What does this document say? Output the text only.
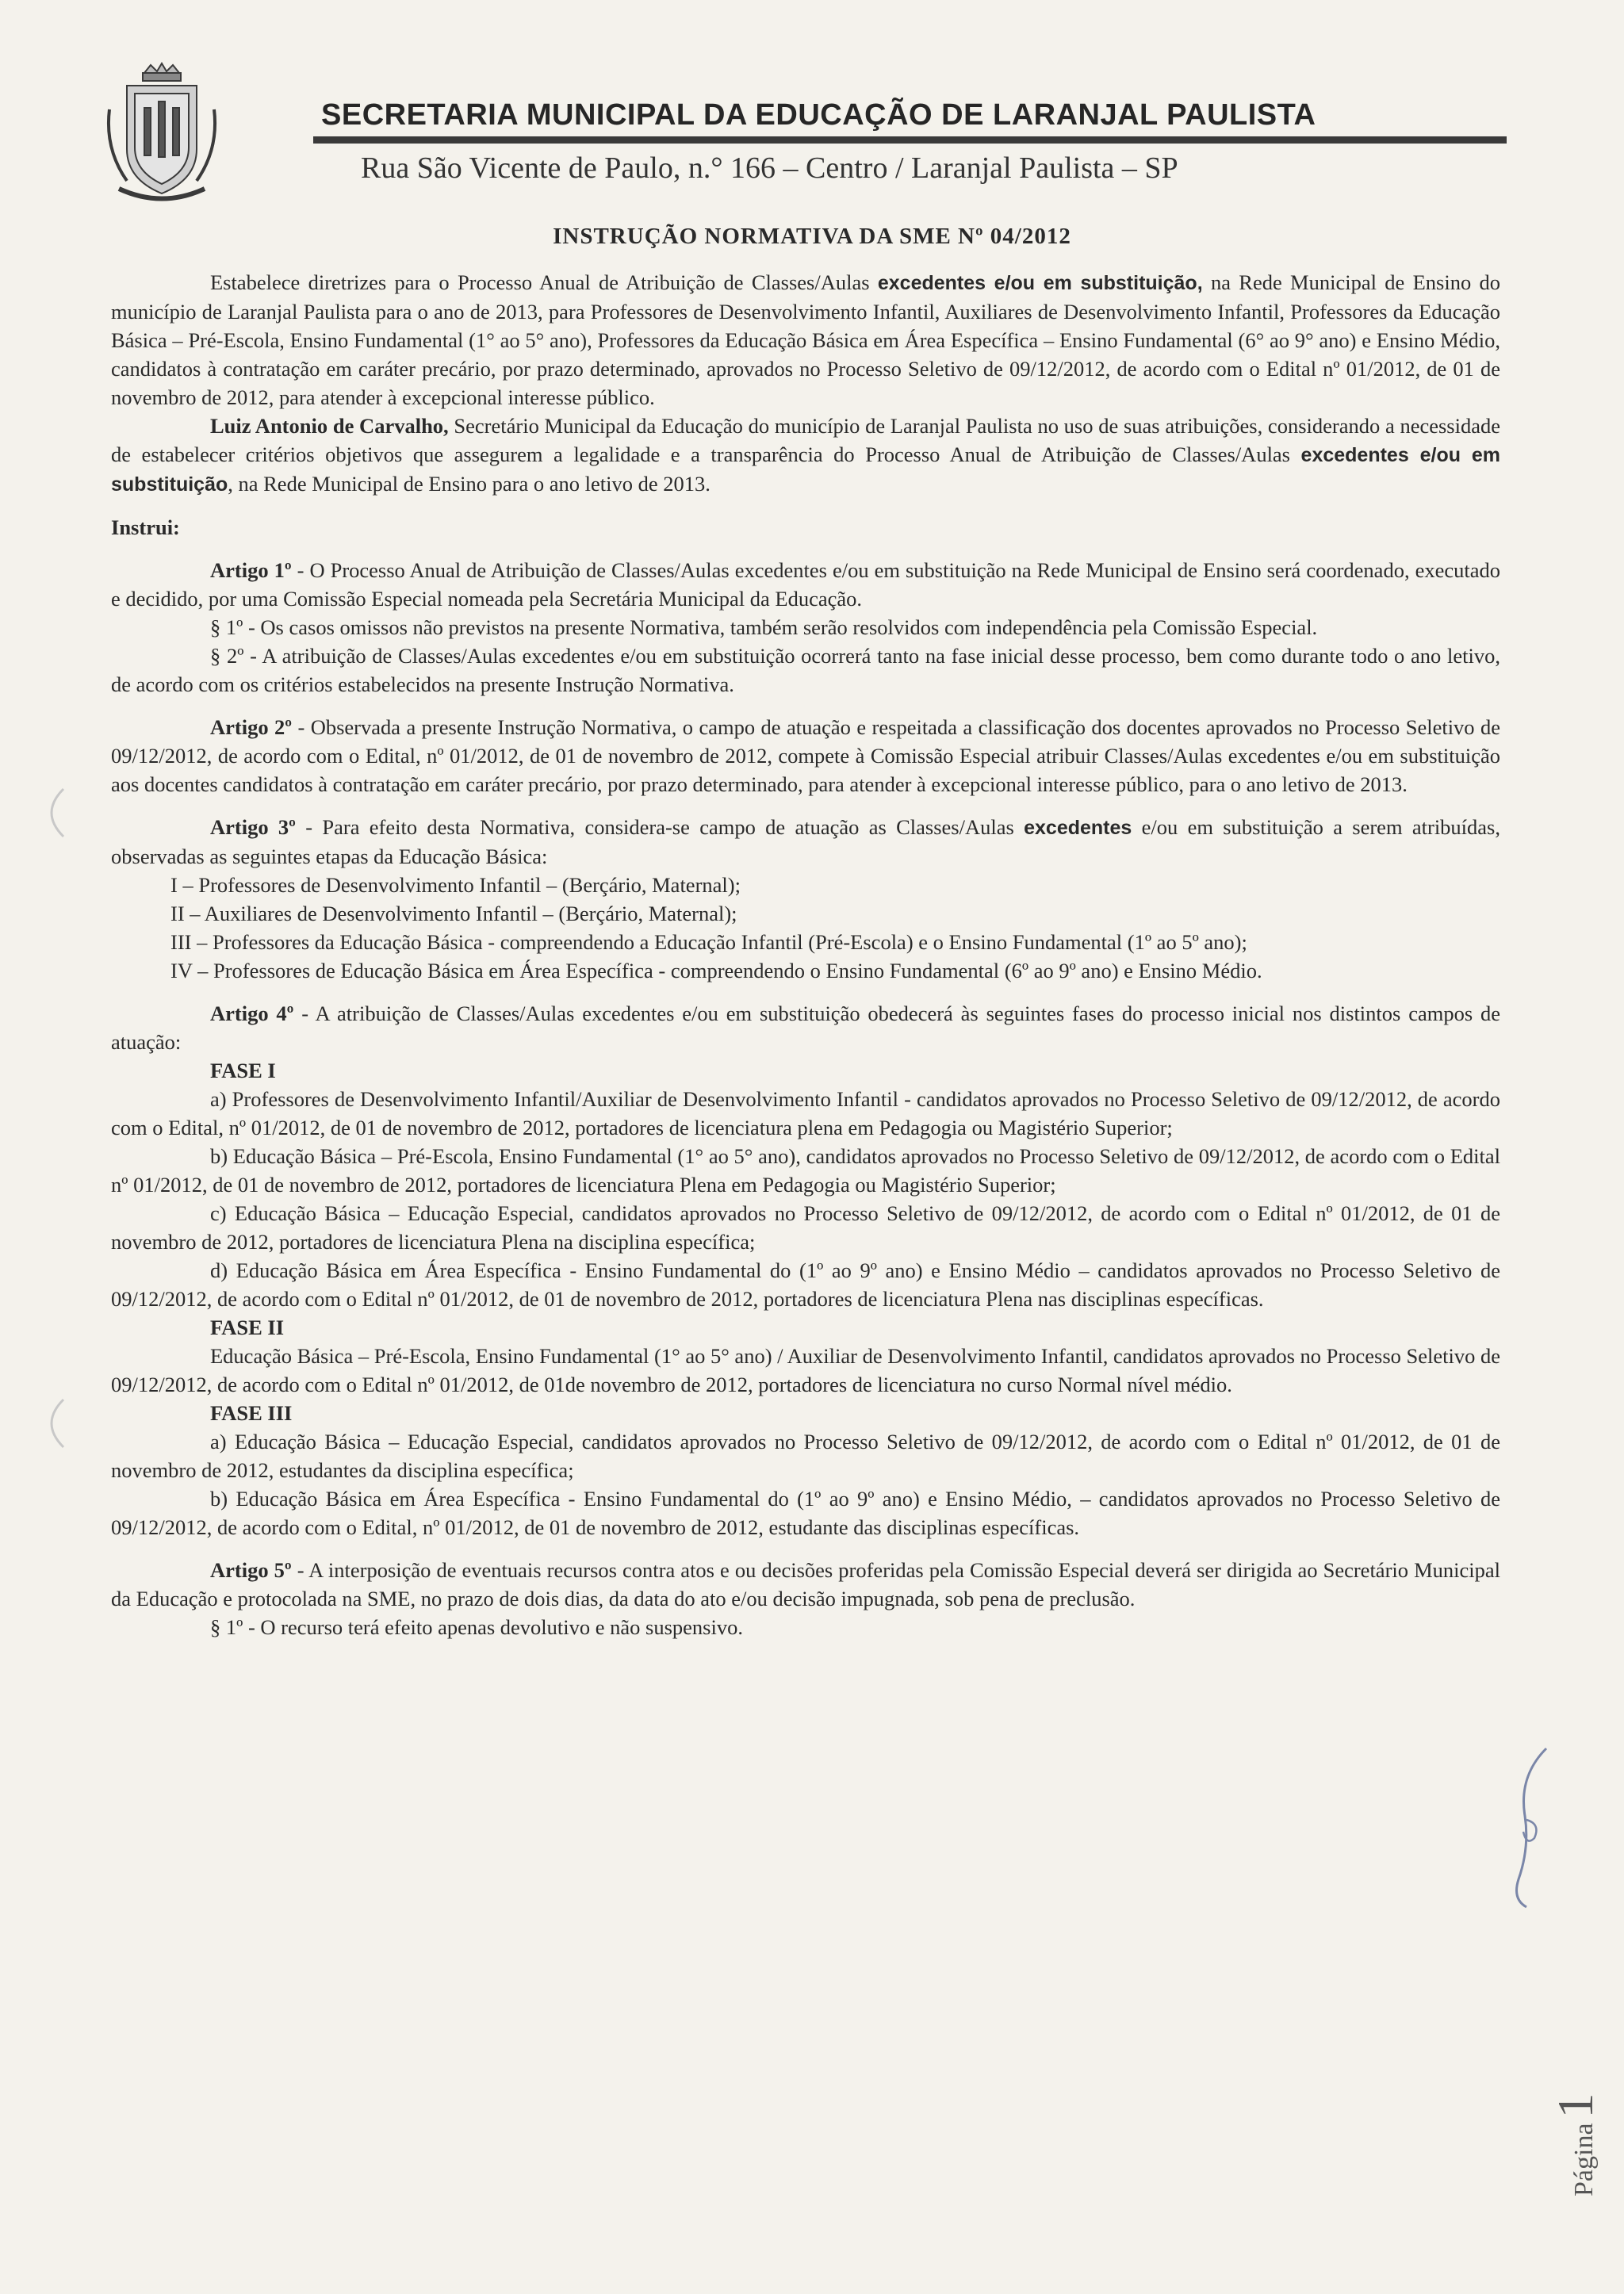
SECRETARIA MUNICIPAL DA EDUCAÇÃO DE LARANJAL PAULISTA
Rua São Vicente de Paulo, n.° 166 – Centro / Laranjal Paulista – SP
INSTRUÇÃO NORMATIVA DA SME Nº 04/2012

Estabelece diretrizes para o Processo Anual de Atribuição de Classes/Aulas excedentes e/ou em substituição, na Rede Municipal de Ensino do município de Laranjal Paulista para o ano de 2013, para Professores de Desenvolvimento Infantil, Auxiliares de Desenvolvimento Infantil, Professores da Educação Básica – Pré-Escola, Ensino Fundamental (1° ao 5° ano), Professores da Educação Básica em Área Específica – Ensino Fundamental (6° ao 9° ano) e Ensino Médio, candidatos à contratação em caráter precário, por prazo determinado, aprovados no Processo Seletivo de 09/12/2012, de acordo com o Edital nº 01/2012, de 01 de novembro de 2012, para atender à excepcional interesse público.

Luiz Antonio de Carvalho, Secretário Municipal da Educação do município de Laranjal Paulista no uso de suas atribuições, considerando a necessidade de estabelecer critérios objetivos que assegurem a legalidade e a transparência do Processo Anual de Atribuição de Classes/Aulas excedentes e/ou em substituição, na Rede Municipal de Ensino para o ano letivo de 2013.

Instrui:

Artigo 1º - O Processo Anual de Atribuição de Classes/Aulas excedentes e/ou em substituição na Rede Municipal de Ensino será coordenado, executado e decidido, por uma Comissão Especial nomeada pela Secretária Municipal da Educação.

§ 1º - Os casos omissos não previstos na presente Normativa, também serão resolvidos com independência pela Comissão Especial.

§ 2º - A atribuição de Classes/Aulas excedentes e/ou em substituição ocorrerá tanto na fase inicial desse processo, bem como durante todo o ano letivo, de acordo com os critérios estabelecidos na presente Instrução Normativa.

Artigo 2º - Observada a presente Instrução Normativa, o campo de atuação e respeitada a classificação dos docentes aprovados no Processo Seletivo de 09/12/2012, de acordo com o Edital, nº 01/2012, de 01 de novembro de 2012, compete à Comissão Especial atribuir Classes/Aulas excedentes e/ou em substituição aos docentes candidatos à contratação em caráter precário, por prazo determinado, para atender à excepcional interesse público, para o ano letivo de 2013.

Artigo 3º - Para efeito desta Normativa, considera-se campo de atuação as Classes/Aulas excedentes e/ou em substituição a serem atribuídas, observadas as seguintes etapas da Educação Básica:

I – Professores de Desenvolvimento Infantil – (Berçário, Maternal);

II – Auxiliares de Desenvolvimento Infantil – (Berçário, Maternal);

III – Professores da Educação Básica - compreendendo a Educação Infantil (Pré-Escola) e o Ensino Fundamental (1º ao 5º ano);

IV – Professores de Educação Básica em Área Específica - compreendendo o Ensino Fundamental (6º ao 9º ano) e Ensino Médio.

Artigo 4º - A atribuição de Classes/Aulas excedentes e/ou em substituição obedecerá às seguintes fases do processo inicial nos distintos campos de atuação:

FASE I

a) Professores de Desenvolvimento Infantil/Auxiliar de Desenvolvimento Infantil - candidatos aprovados no Processo Seletivo de 09/12/2012, de acordo com o Edital, nº 01/2012, de 01 de novembro de 2012, portadores de licenciatura plena em Pedagogia ou Magistério Superior;

b) Educação Básica – Pré-Escola, Ensino Fundamental (1° ao 5° ano), candidatos aprovados no Processo Seletivo de 09/12/2012, de acordo com o Edital nº 01/2012, de 01 de novembro de 2012, portadores de licenciatura Plena em Pedagogia ou Magistério Superior;

c) Educação Básica – Educação Especial, candidatos aprovados no Processo Seletivo de 09/12/2012, de acordo com o Edital nº 01/2012, de 01 de novembro de 2012, portadores de licenciatura Plena na disciplina específica;

d) Educação Básica em Área Específica - Ensino Fundamental do (1º ao 9º ano) e Ensino Médio – candidatos aprovados no Processo Seletivo de 09/12/2012, de acordo com o Edital nº 01/2012, de 01 de novembro de 2012, portadores de licenciatura Plena nas disciplinas específicas.

FASE II

Educação Básica – Pré-Escola, Ensino Fundamental (1° ao 5° ano) / Auxiliar de Desenvolvimento Infantil, candidatos aprovados no Processo Seletivo de 09/12/2012, de acordo com o Edital nº 01/2012, de 01de novembro de 2012, portadores de licenciatura no curso Normal nível médio.

FASE III

a) Educação Básica – Educação Especial, candidatos aprovados no Processo Seletivo de 09/12/2012, de acordo com o Edital nº 01/2012, de 01 de novembro de 2012, estudantes da disciplina específica;

b) Educação Básica em Área Específica - Ensino Fundamental do (1º ao 9º ano) e Ensino Médio, – candidatos aprovados no Processo Seletivo de 09/12/2012, de acordo com o Edital, nº 01/2012, de 01 de novembro de 2012, estudante das disciplinas específicas.

Artigo 5º - A interposição de eventuais recursos contra atos e ou decisões proferidas pela Comissão Especial deverá ser dirigida ao Secretário Municipal da Educação e protocolada na SME, no prazo de dois dias, da data do ato e/ou decisão impugnada, sob pena de preclusão.

§ 1º - O recurso terá efeito apenas devolutivo e não suspensivo.

Página1
